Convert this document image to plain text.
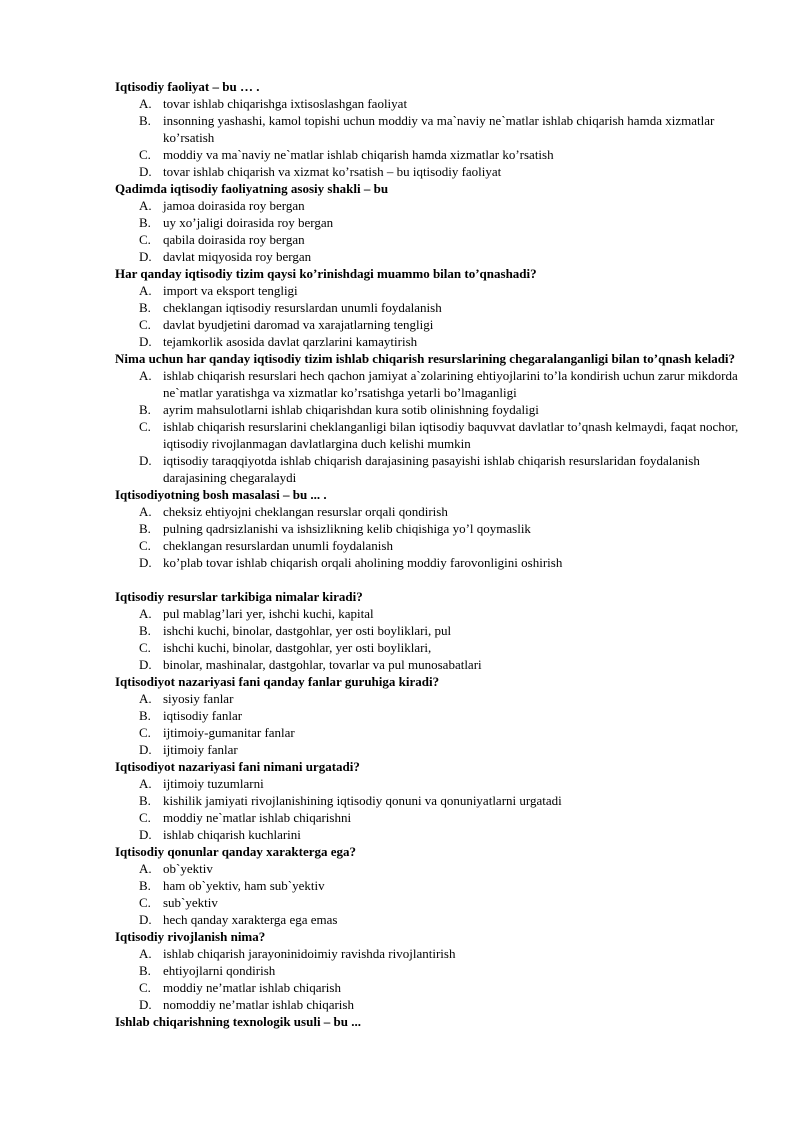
Iqtisodiy faoliyat – bu … .

A. tovar ishlab chiqarishga ixtisoslashgan faoliyat
B. insonning yashashi, kamol topishi uchun moddiy va ma`naviy ne`matlar ishlab chiqarish hamda xizmatlar ko’rsatish
C. moddiy va ma`naviy ne`matlar ishlab chiqarish hamda xizmatlar ko’rsatish
D. tovar ishlab chiqarish va xizmat ko’rsatish – bu iqtisodiy faoliyat

Qadimda iqtisodiy faoliyatning asosiy shakli – bu

A. jamoa doirasida roy bergan
B. uy xo’jaligi doirasida roy bergan
C. qabila doirasida roy bergan
D. davlat miqyosida roy bergan

Har qanday iqtisodiy tizim qaysi ko’rinishdagi muammo bilan to’qnashadi?

A. import va eksport tengligi
B. cheklangan iqtisodiy resurslardan unumli foydalanish
C. davlat byudjetini daromad va xarajatlarning tengligi
D. tejamkorlik asosida davlat qarzlarini kamaytirish

Nima uchun har qanday iqtisodiy tizim ishlab chiqarish resurslarining chegaralanganligi bilan to’qnash keladi?

A. ishlab chiqarish resurslari hech qachon jamiyat a`zolarining ehtiyojlarini to’la kondirish uchun zarur mikdorda ne`matlar yaratishga va xizmatlar ko’rsatishga yetarli bo’lmaganligi
B. ayrim mahsulotlarni ishlab chiqarishdan kura sotib olinishning foydaligi
C. ishlab chiqarish resurslarini cheklanganligi bilan iqtisodiy baquvvat davlatlar to’qnash kelmaydi, faqat nochor, iqtisodiy rivojlanmagan davlatlargina duch kelishi mumkin
D. iqtisodiy taraqqiyotda ishlab chiqarish darajasining pasayishi ishlab chiqarish resurslaridan foydalanish darajasining chegaralaydi

Iqtisodiyotning bosh masalasi – bu ... .

A. cheksiz ehtiyojni cheklangan resurslar orqali qondirish
B. pulning qadrsizlanishi va ishsizlikning kelib chiqishiga yo’l qoymaslik
C. cheklangan resurslardan unumli foydalanish
D. ko’plab tovar ishlab chiqarish orqali aholining moddiy farovonligini oshirish

Iqtisodiy resurslar tarkibiga nimalar kiradi?

A. pul mablag’lari yer, ishchi kuchi, kapital
B. ishchi kuchi, binolar, dastgohlar, yer osti boyliklari, pul
C. ishchi kuchi, binolar, dastgohlar, yer osti boyliklari,
D. binolar, mashinalar, dastgohlar, tovarlar va pul munosabatlari

Iqtisodiyot nazariyasi fani qanday fanlar guruhiga kiradi?

A. siyosiy fanlar
B. iqtisodiy fanlar
C. ijtimoiy-gumanitar fanlar
D. ijtimoiy fanlar

Iqtisodiyot nazariyasi fani nimani urgatadi?

A. ijtimoiy tuzumlarni
B. kishilik jamiyati rivojlanishining iqtisodiy qonuni va qonuniyatlarni urgatadi
C. moddiy ne`matlar ishlab chiqarishni
D. ishlab chiqarish kuchlarini

Iqtisodiy qonunlar qanday xarakterga ega?

A. ob`yektiv
B. ham ob`yektiv, ham sub`yektiv
C. sub`yektiv
D. hech qanday xarakterga ega emas

Iqtisodiy rivojlanish nima?

A. ishlab chiqarish jarayoninidoimiy ravishda rivojlantirish
B. ehtiyojlarni qondirish
C. moddiy ne’matlar ishlab chiqarish
D. nomoddiy ne’matlar ishlab chiqarish

Ishlab chiqarishning texnologik usuli – bu ...
